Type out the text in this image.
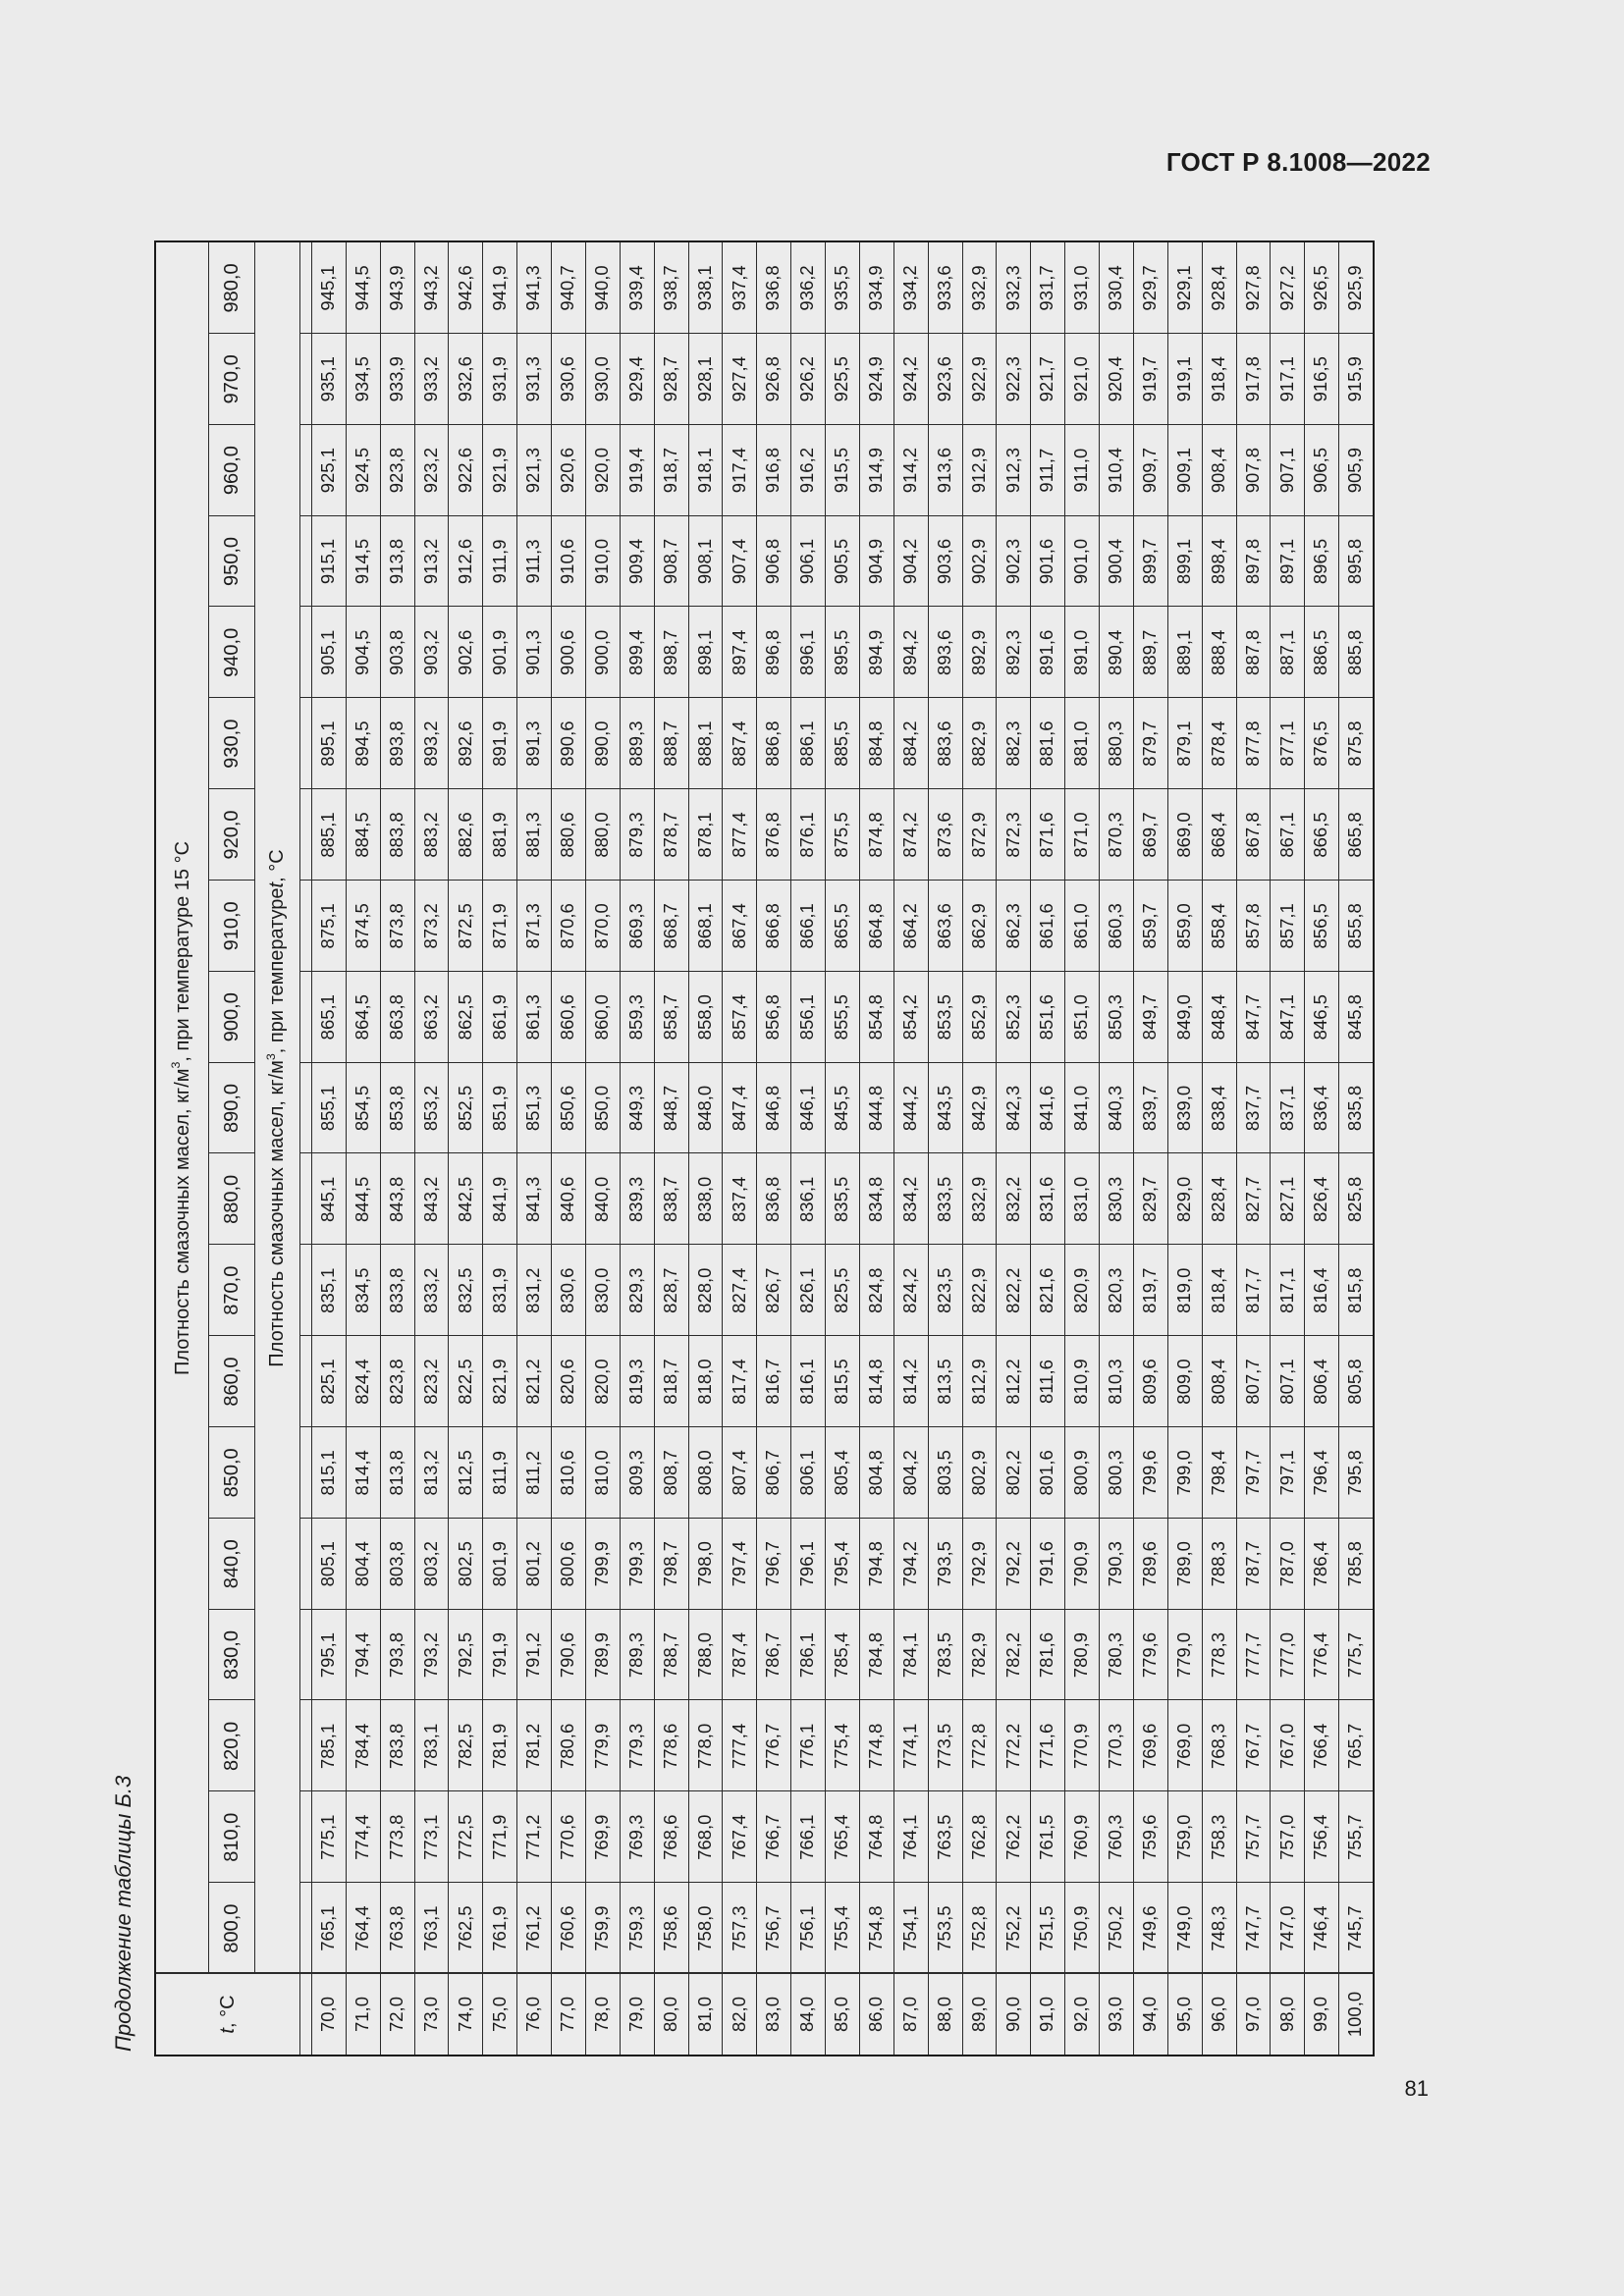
ГОСТ Р 8.1008—2022
Продолжение таблицы Б.3	t
, °C
Плотность смазочных масел, кг/м
$^3$
, при температуре 15 °С
800,0
810,0
820,0
830,0
840,0
850,0
860,0
870,0
880,0
890,0
900,0
910,0
920,0
930,0
940,0
950,0
960,0
970,0
980,0
Плотность смазочных масел, кг/м
$^3$
, при температуре
t
, °С
70,0
765,1
775,1
785,1
795,1
805,1
815,1
825,1
835,1
845,1
855,1
865,1
875,1
885,1
895,1
905,1
915,1
925,1
935,1
945,1
71,0
764,4
774,4
784,4
794,4
804,4
814,4
824,4
834,5
844,5
854,5
864,5
874,5
884,5
894,5
904,5
914,5
924,5
934,5
944,5
72,0
763,8
773,8
783,8
793,8
803,8
813,8
823,8
833,8
843,8
853,8
863,8
873,8
883,8
893,8
903,8
913,8
923,8
933,9
943,9
73,0
763,1
773,1
783,1
793,2
803,2
813,2
823,2
833,2
843,2
853,2
863,2
873,2
883,2
893,2
903,2
913,2
923,2
933,2
943,2
74,0
762,5
772,5
782,5
792,5
802,5
812,5
822,5
832,5
842,5
852,5
862,5
872,5
882,6
892,6
902,6
912,6
922,6
932,6
942,6
75,0
761,9
771,9
781,9
791,9
801,9
811,9
821,9
831,9
841,9
851,9
861,9
871,9
881,9
891,9
901,9
911,9
921,9
931,9
941,9
76,0
761,2
771,2
781,2
791,2
801,2
811,2
821,2
831,2
841,3
851,3
861,3
871,3
881,3
891,3
901,3
911,3
921,3
931,3
941,3
77,0
760,6
770,6
780,6
790,6
800,6
810,6
820,6
830,6
840,6
850,6
860,6
870,6
880,6
890,6
900,6
910,6
920,6
930,6
940,7
78,0
759,9
769,9
779,9
789,9
799,9
810,0
820,0
830,0
840,0
850,0
860,0
870,0
880,0
890,0
900,0
910,0
920,0
930,0
940,0
79,0
759,3
769,3
779,3
789,3
799,3
809,3
819,3
829,3
839,3
849,3
859,3
869,3
879,3
889,3
899,4
909,4
919,4
929,4
939,4
80,0
758,6
768,6
778,6
788,7
798,7
808,7
818,7
828,7
838,7
848,7
858,7
868,7
878,7
888,7
898,7
908,7
918,7
928,7
938,7
81,0
758,0
768,0
778,0
788,0
798,0
808,0
818,0
828,0
838,0
848,0
858,0
868,1
878,1
888,1
898,1
908,1
918,1
928,1
938,1
82,0
757,3
767,4
777,4
787,4
797,4
807,4
817,4
827,4
837,4
847,4
857,4
867,4
877,4
887,4
897,4
907,4
917,4
927,4
937,4
83,0
756,7
766,7
776,7
786,7
796,7
806,7
816,7
826,7
836,8
846,8
856,8
866,8
876,8
886,8
896,8
906,8
916,8
926,8
936,8
84,0
756,1
766,1
776,1
786,1
796,1
806,1
816,1
826,1
836,1
846,1
856,1
866,1
876,1
886,1
896,1
906,1
916,2
926,2
936,2
85,0
755,4
765,4
775,4
785,4
795,4
805,4
815,5
825,5
835,5
845,5
855,5
865,5
875,5
885,5
895,5
905,5
915,5
925,5
935,5
86,0
754,8
764,8
774,8
784,8
794,8
804,8
814,8
824,8
834,8
844,8
854,8
864,8
874,8
884,8
894,9
904,9
914,9
924,9
934,9
87,0
754,1
764,1
774,1
784,1
794,2
804,2
814,2
824,2
834,2
844,2
854,2
864,2
874,2
884,2
894,2
904,2
914,2
924,2
934,2
88,0
753,5
763,5
773,5
783,5
793,5
803,5
813,5
823,5
833,5
843,5
853,5
863,6
873,6
883,6
893,6
903,6
913,6
923,6
933,6
89,0
752,8
762,8
772,8
782,9
792,9
802,9
812,9
822,9
832,9
842,9
852,9
862,9
872,9
882,9
892,9
902,9
912,9
922,9
932,9
90,0
752,2
762,2
772,2
782,2
792,2
802,2
812,2
822,2
832,2
842,3
852,3
862,3
872,3
882,3
892,3
902,3
912,3
922,3
932,3
91,0
751,5
761,5
771,6
781,6
791,6
801,6
811,6
821,6
831,6
841,6
851,6
861,6
871,6
881,6
891,6
901,6
911,7
921,7
931,7
92,0
750,9
760,9
770,9
780,9
790,9
800,9
810,9
820,9
831,0
841,0
851,0
861,0
871,0
881,0
891,0
901,0
911,0
921,0
931,0
93,0
750,2
760,3
770,3
780,3
790,3
800,3
810,3
820,3
830,3
840,3
850,3
860,3
870,3
880,3
890,4
900,4
910,4
920,4
930,4
94,0
749,6
759,6
769,6
779,6
789,6
799,6
809,6
819,7
829,7
839,7
849,7
859,7
869,7
879,7
889,7
899,7
909,7
919,7
929,7
95,0
749,0
759,0
769,0
779,0
789,0
799,0
809,0
819,0
829,0
839,0
849,0
859,0
869,0
879,1
889,1
899,1
909,1
919,1
929,1
96,0
748,3
758,3
768,3
778,3
788,3
798,4
808,4
818,4
828,4
838,4
848,4
858,4
868,4
878,4
888,4
898,4
908,4
918,4
928,4
97,0
747,7
757,7
767,7
777,7
787,7
797,7
807,7
817,7
827,7
837,7
847,7
857,8
867,8
877,8
887,8
897,8
907,8
917,8
927,8
98,0
747,0
757,0
767,0
777,0
787,0
797,1
807,1
817,1
827,1
837,1
847,1
857,1
867,1
877,1
887,1
897,1
907,1
917,1
927,2
99,0
746,4
756,4
766,4
776,4
786,4
796,4
806,4
816,4
826,4
836,4
846,5
856,5
866,5
876,5
886,5
896,5
906,5
916,5
926,5
100,0
745,7
755,7
765,7
775,7
785,8
795,8
805,8
815,8
825,8
835,8
845,8
855,8
865,8
875,8
885,8
895,8
905,9
915,9
925,9
81
